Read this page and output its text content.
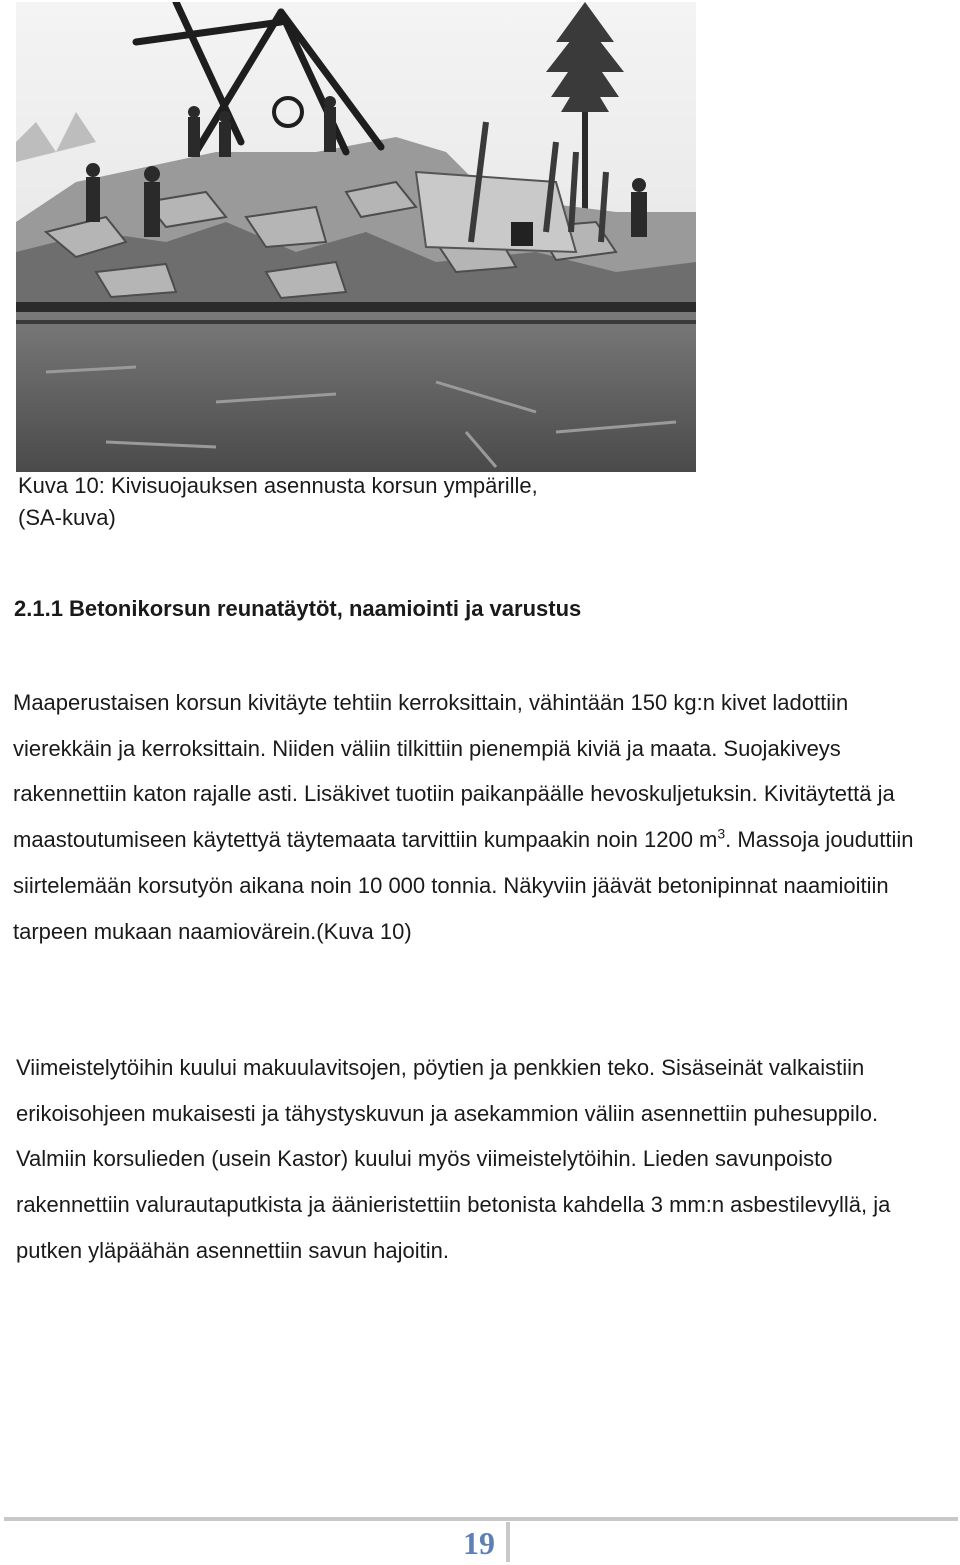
Kuva 10: Kivisuojauksen asennusta korsun ympärille,
(SA-kuva)

2.1.1 Betonikorsun reunatäytöt, naamiointi ja varustus

Maaperustaisen korsun kivitäyte tehtiin kerroksittain, vähintään 150 kg:n kivet ladottiin vierekkäin ja kerroksittain. Niiden väliin tilkittiin pienempiä kiviä ja maata. Suojakiveys rakennettiin katon rajalle asti. Lisäkivet tuotiin paikanpäälle hevoskuljetuksin. Kivitäytettä ja maastoutumiseen käytettyä täytemaata tarvittiin kumpaakin noin 1200 $m^3$. Massoja jouduttiin siirtelemään korsutyön aikana noin 10 000 tonnia. Näkyviin jäävät betonipinnat naamioitiin tarpeen mukaan naamiovärein.(Kuva 10)

Viimeistelytöihin kuului makuulavitsojen, pöytien ja penkkien teko. Sisäseinät valkaistiin erikoisohjeen mukaisesti ja tähystyskuvun ja asekammion väliin asennettiin puhesuppilo. Valmiin korsulieden (usein Kastor) kuului myös viimeistelytöihin. Lieden savunpoisto rakennettiin valurautaputkista ja äänieristettiin betonista kahdella 3 mm:n asbestilevyllä, ja putken yläpäähän asennettiin savun hajoitin.

19
